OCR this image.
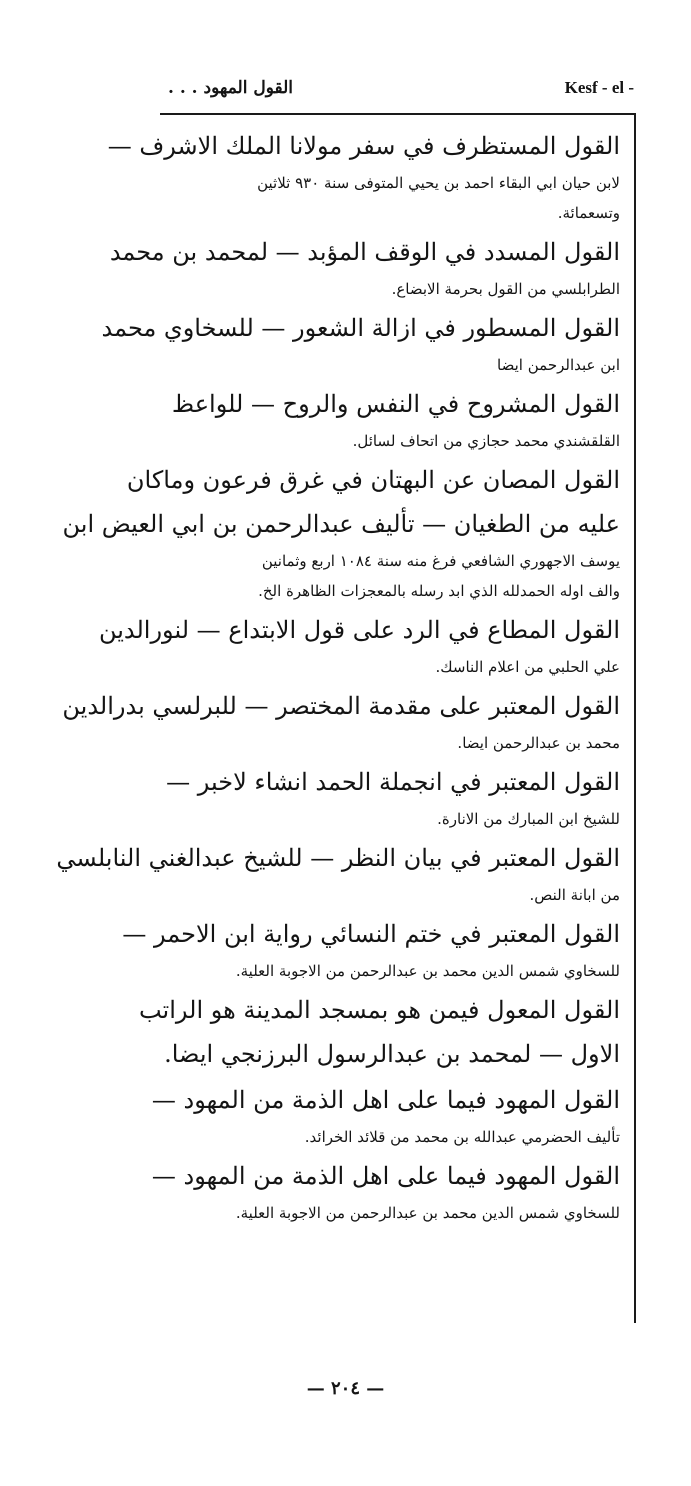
القول المهود . . .	Kesf - el -
القول المستظرف في سفر مولانا الملك الاشرف —
لابن حيان ابي البقاء احمد بن يحيي المتوفى سنة ٩٣٠ ثلاثين
وتسعمائة.
القول المسدد في الوقف المؤبد — لمحمد بن محمد
الطرابلسي من القول بحرمة الابضاع.
القول المسطور في ازالة الشعور — للسخاوي محمد
ابن عبدالرحمن ايضا
القول المشروح في النفس والروح — للواعظ
القلقشندي محمد حجازي من اتحاف لسائل.
القول المصان عن البهتان في غرق فرعون وماكان
عليه من الطغيان — تأليف عبدالرحمن بن ابي العيض ابن
يوسف الاجهوري الشافعي فرغ منه سنة ١٠٨٤ اربع وثمانين
والف اوله الحمدلله الذي ابد رسله بالمعجزات الظاهرة الخ.
القول المطاع في الرد على قول الابتداع — لنورالدين
علي الحلبي من اعلام الناسك.
القول المعتبر على مقدمة المختصر — للبرلسي بدرالدين
محمد بن عبدالرحمن ايضا.
القول المعتبر في انجملة الحمد انشاء لاخبر —
للشيخ ابن المبارك من الانارة.
القول المعتبر في بيان النظر — للشيخ عبدالغني النابلسي
من ابانة النص.
القول المعتبر في ختم النسائي رواية ابن الاحمر —
للسخاوي شمس الدين محمد بن عبدالرحمن من الاجوبة العلية.
القول المعول فيمن هو بمسجد المدينة هو الراتب
الاول — لمحمد بن عبدالرسول البرزنجي ايضا.
القول المهود فيما على اهل الذمة من المهود —
تأليف الحضرمي عبدالله بن محمد من قلائد الخرائد.
القول المهود فيما على اهل الذمة من المهود —
للسخاوي شمس الدين محمد بن عبدالرحمن من الاجوبة العلية.
— ٢٠٤ —
